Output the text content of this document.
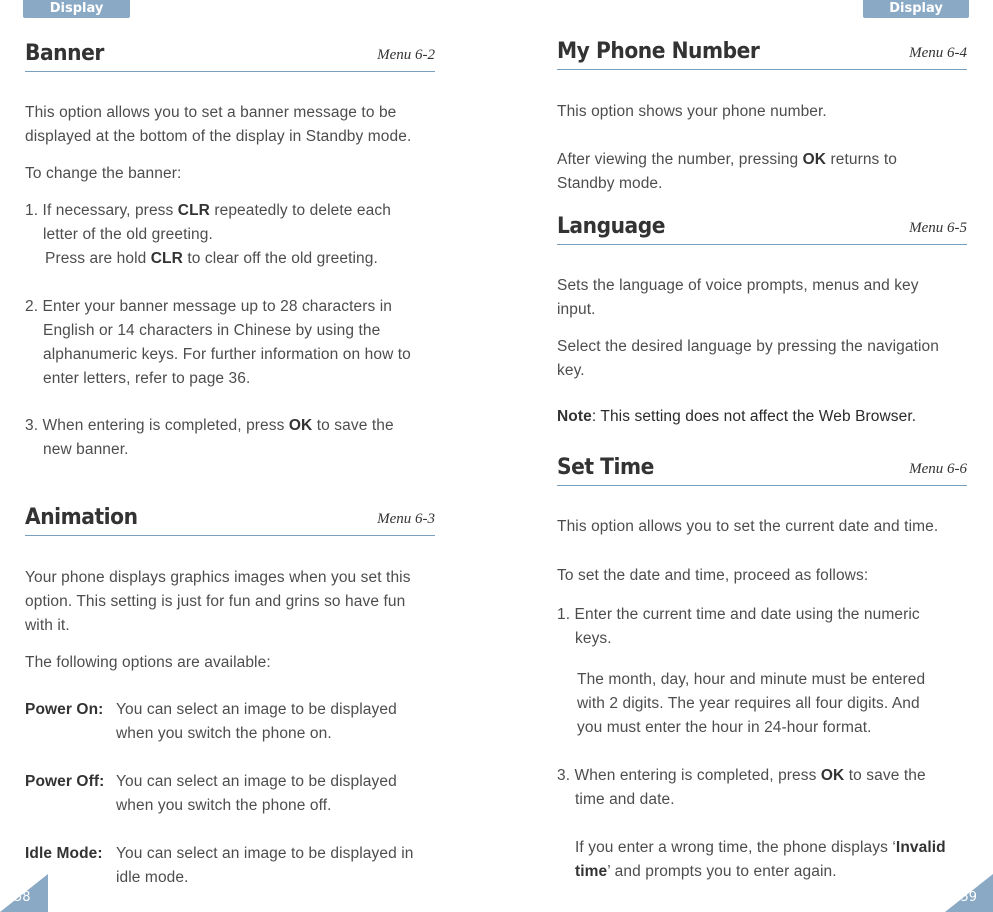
Display
Banner	Menu 6-2
This option allows you to set a banner message to be
displayed at the bottom of the display in Standby mode.
To change the banner:
1. If necessary, press CLR repeatedly to delete each
letter of the old greeting.
Press are hold CLR to clear off the old greeting.
2. Enter your banner message up to 28 characters in
English or 14 characters in Chinese by using the
alphanumeric keys. For further information on how to
enter letters, refer to page 36.
3. When entering is completed, press OK to save the
new banner.
Animation	Menu 6-3
Your phone displays graphics images when you set this
option. This setting is just for fun and grins so have fun
with it.
The following options are available:
Power On: You can select an image to be displayed
when you switch the phone on.
Power Off: You can select an image to be displayed
when you switch the phone off.
Idle Mode: You can select an image to be displayed in
idle mode.
58
Display
My Phone Number	Menu 6-4
This option shows your phone number.
After viewing the number, pressing OK returns to
Standby mode.
Language	Menu 6-5
Sets the language of voice prompts, menus and key
input.
Select the desired language by pressing the navigation
key.
Note: This setting does not affect the Web Browser.
Set Time	Menu 6-6
This option allows you to set the current date and time.
To set the date and time, proceed as follows:
1. Enter the current time and date using the numeric
keys.
The month, day, hour and minute must be entered
with 2 digits. The year requires all four digits. And
you must enter the hour in 24-hour format.
3. When entering is completed, press OK to save the
time and date.
If you enter a wrong time, the phone displays ‘Invalid
time’ and prompts you to enter again.
59
